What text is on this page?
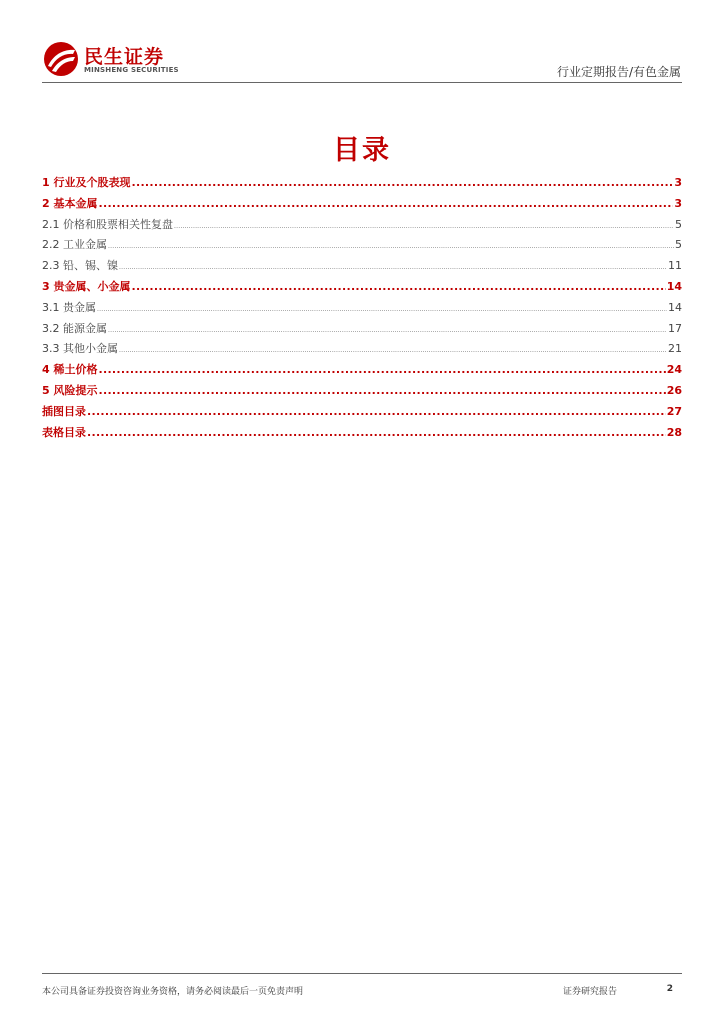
民生证券
MINSHENG SECURITIES	行业定期报告/有色金属
目录
1 行业及个股表现 .....	3
2 基本金属 .....	3
2.1 价格和股票相关性复盘 .....	5
2.2 工业金属 .....	5
2.3 铅、锡、镍 .....	11
3 贵金属、小金属 .....	14
3.1 贵金属 .....	14
3.2 能源金属 .....	17
3.3 其他小金属 .....	21
4 稀土价格 .....	24
5 风险提示 .....	26
插图目录 .....	27
表格目录 .....	28
本公司具备证券投资咨询业务资格，请务必阅读最后一页免责声明	证券研究报告	2
